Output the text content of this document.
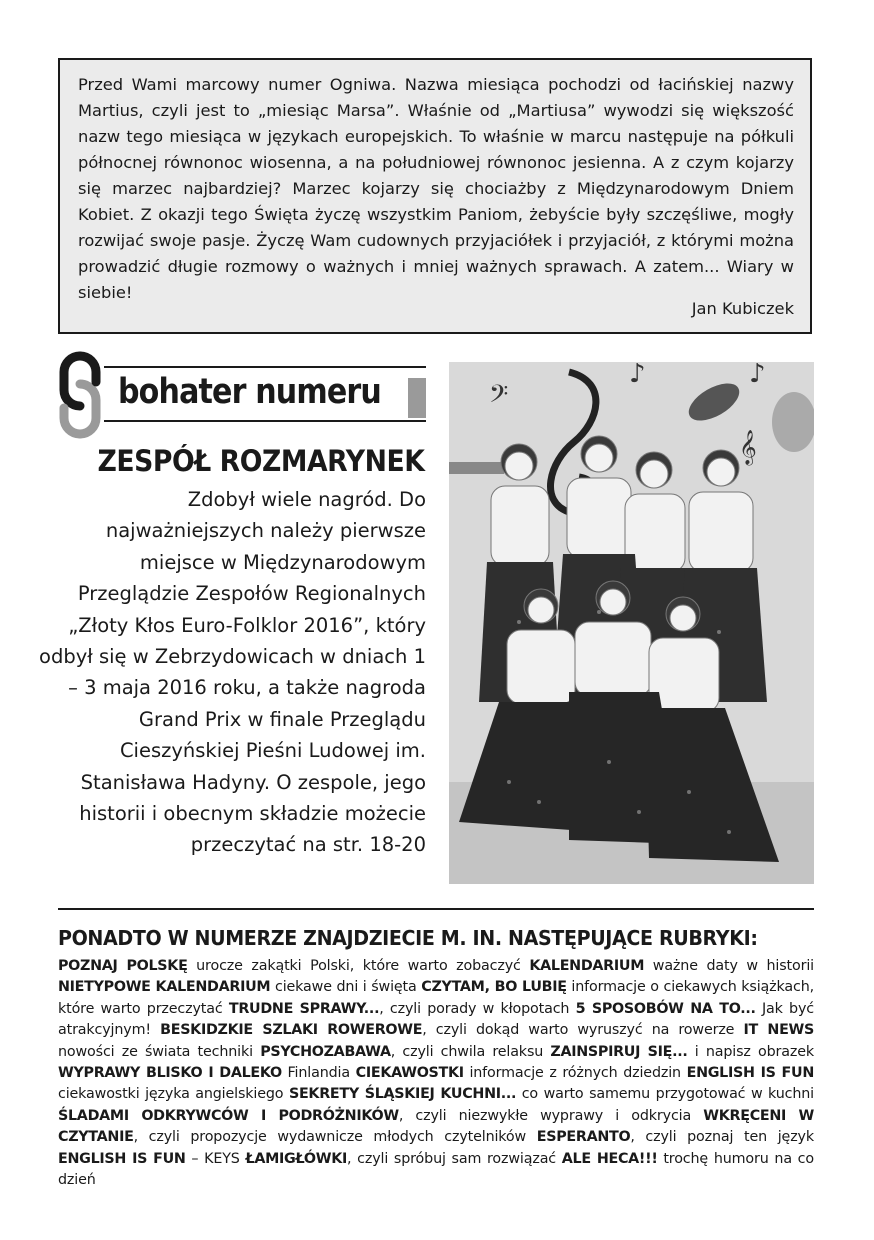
Przed Wami marcowy numer Ogniwa. Nazwa miesiąca pochodzi od łacińskiej nazwy Martius, czyli jest to „miesiąc Marsa”. Właśnie od „Martiusa” wywodzi się większość nazw tego miesiąca w językach europejskich. To właśnie w marcu następuje na półkuli północnej równonoc wiosenna, a na południowej równonoc jesienna. A z czym kojarzy się marzec najbardziej? Marzec kojarzy się chociażby z Międzynarodowym Dniem Kobiet. Z okazji tego Święta życzę wszystkim Paniom, żebyście były szczęśliwe, mogły rozwijać swoje pasje. Życzę Wam cudownych przyjaciółek i przyjaciół, z którymi można prowadzić długie rozmowy o ważnych i mniej ważnych sprawach. A zatem... Wiary w siebie!
Jan Kubiczek
bohater numeru
ZESPÓŁ ROZMARYNEK
Zdobył wiele nagród. Do najważniejszych należy pierwsze miejsce w Międzynarodowym Przeglądzie Zespołów Regionalnych „Złoty Kłos Euro-Folklor 2016”, który odbył się w Zebrzydowicach w dniach 1 – 3 maja 2016 roku, a także nagroda Grand Prix w finale Przeglądu Cieszyńskiej Pieśni Ludowej im. Stanisława Hadyny. O zespole, jego historii i obecnym składzie możecie przeczytać na str. 18-20
𝄢
𝄞
♪	♪
PONADTO W NUMERZE ZNAJDZIECIE M. IN. NASTĘPUJĄCE RUBRYKI:
POZNAJ POLSKĘ urocze zakątki Polski, które warto zobaczyć KALENDARIUM ważne daty w historii NIETYPOWE KALENDARIUM ciekawe dni i święta CZYTAM, BO LUBIĘ informacje o ciekawych książkach, które warto przeczytać TRUDNE SPRAWY..., czyli porady w kłopotach 5 SPOSOBÓW NA TO... Jak być atrakcyjnym! BESKIDZKIE SZLAKI ROWEROWE, czyli dokąd warto wyruszyć na rowerze IT NEWS nowości ze świata techniki PSYCHOZABAWA, czyli chwila relaksu ZAINSPIRUJ SIĘ... i napisz obrazek WYPRAWY BLISKO I DALEKO Finlandia CIEKAWOSTKI informacje z różnych dziedzin ENGLISH IS FUN ciekawostki języka angielskiego SEKRETY ŚLĄSKIEJ KUCHNI... co warto samemu przygotować w kuchni ŚLADAMI ODKRYWCÓW I PODRÓŻNIKÓW, czyli niezwykłe wyprawy i odkrycia WKRĘCENI W CZYTANIE, czyli propozycje wydawnicze młodych czytelników ESPERANTO, czyli poznaj ten język ENGLISH IS FUN – KEYS ŁAMIGŁÓWKI, czyli spróbuj sam rozwiązać ALE HECA!!! trochę humoru na co dzień
